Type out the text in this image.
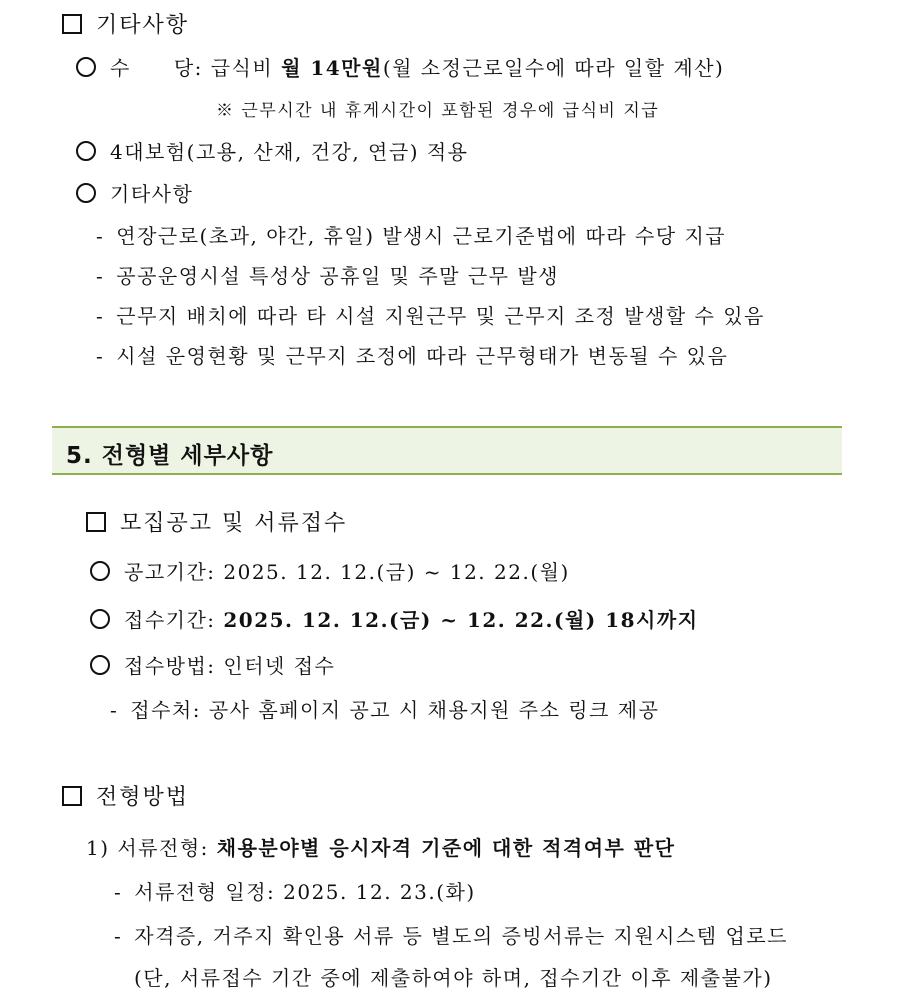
기타사항
수　　당: 급식비 월 14만원(월 소정근로일수에 따라 일할 계산)
※ 근무시간 내 휴게시간이 포함된 경우에 급식비 지급
4대보험(고용, 산재, 건강, 연금) 적용
기타사항
- 연장근로(초과, 야간, 휴일) 발생시 근로기준법에 따라 수당 지급
- 공공운영시설 특성상 공휴일 및 주말 근무 발생
- 근무지 배치에 따라 타 시설 지원근무 및 근무지 조정 발생할 수 있음
- 시설 운영현황 및 근무지 조정에 따라 근무형태가 변동될 수 있음
5. 전형별 세부사항
모집공고 및 서류접수
공고기간: 2025. 12. 12.(금) ~ 12. 22.(월)
접수기간: 2025. 12. 12.(금) ~ 12. 22.(월) 18시까지
접수방법: 인터넷 접수
- 접수처: 공사 홈페이지 공고 시 채용지원 주소 링크 제공
전형방법
1) 서류전형: 채용분야별 응시자격 기준에 대한 적격여부 판단
- 서류전형 일정: 2025. 12. 23.(화)
- 자격증, 거주지 확인용 서류 등 별도의 증빙서류는 지원시스템 업로드
(단, 서류접수 기간 중에 제출하여야 하며, 접수기간 이후 제출불가)
